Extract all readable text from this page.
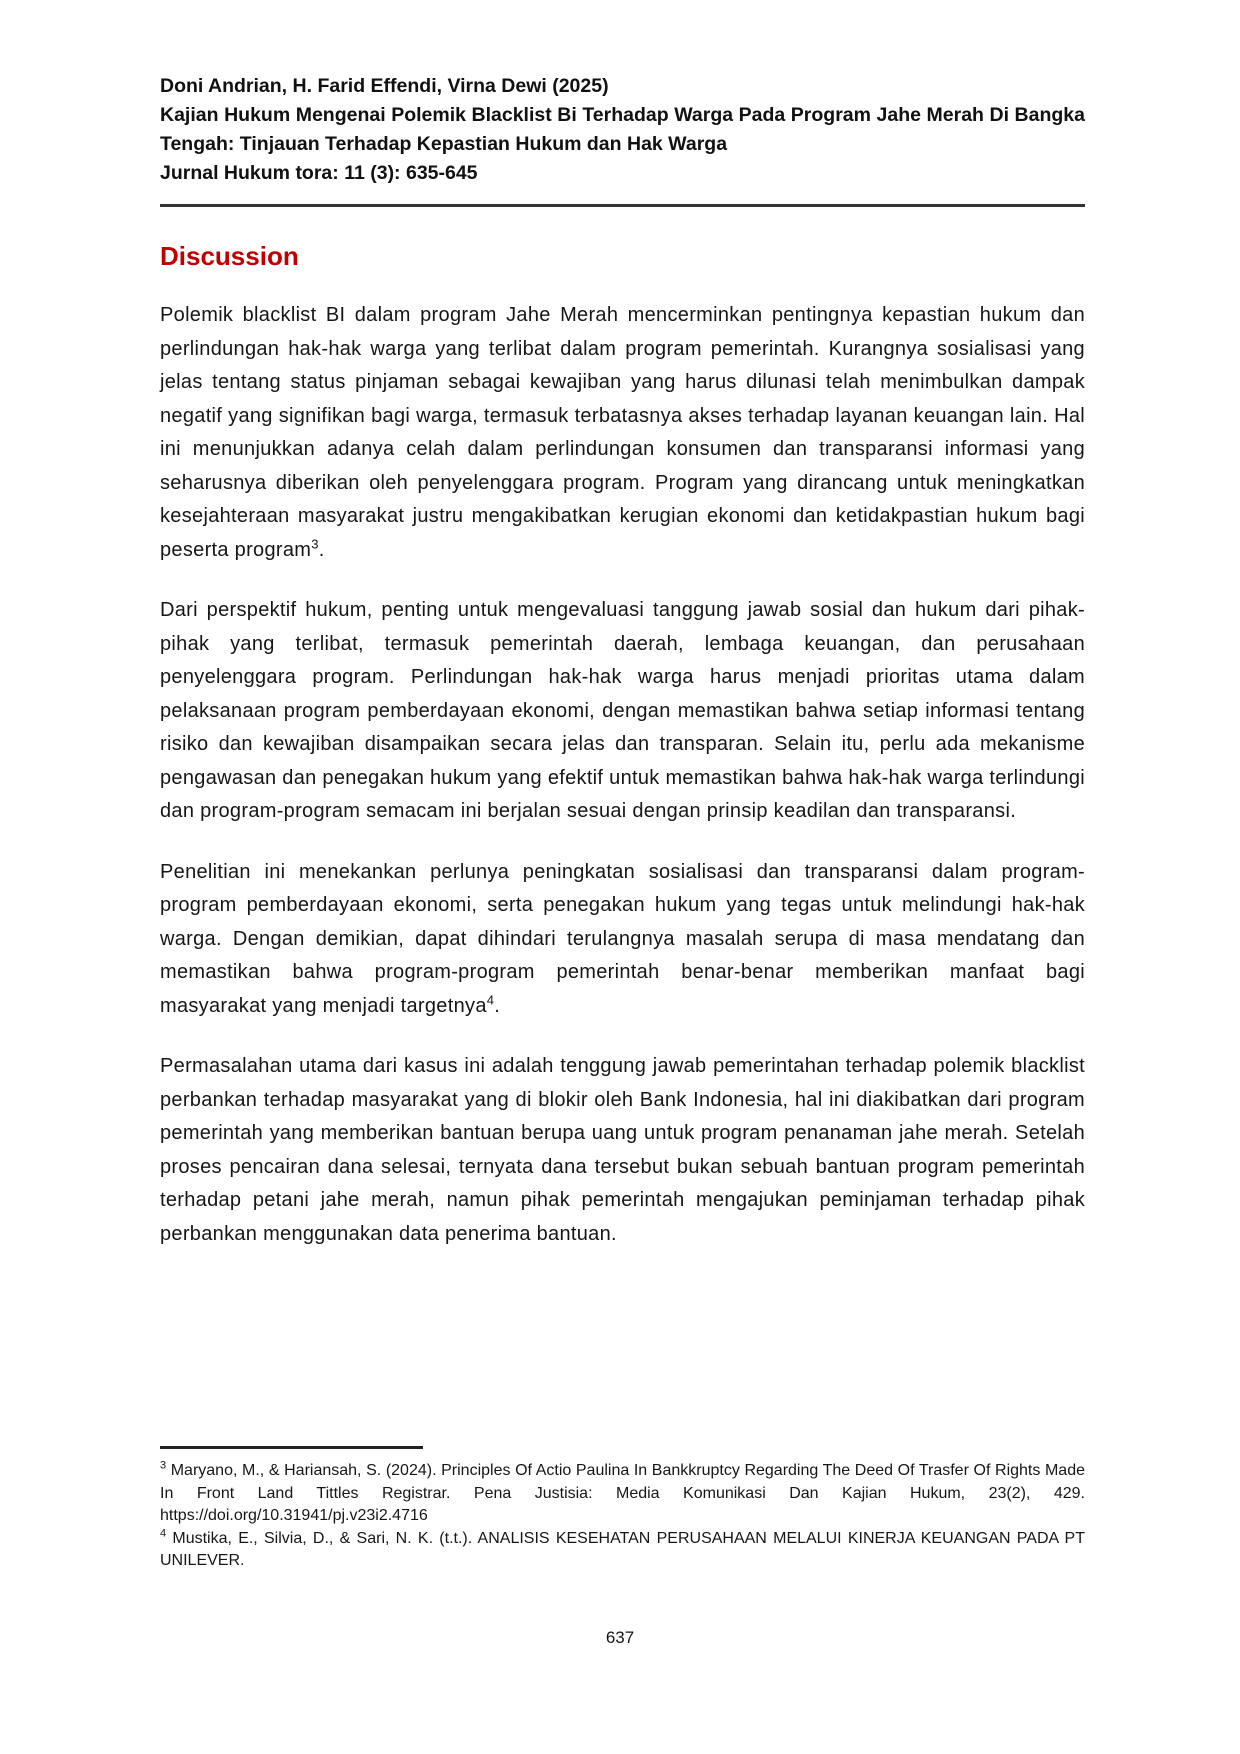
Doni Andrian, H. Farid Effendi, Virna Dewi (2025)
Kajian Hukum Mengenai Polemik Blacklist Bi Terhadap Warga Pada Program Jahe Merah Di Bangka Tengah: Tinjauan Terhadap Kepastian Hukum dan Hak Warga
Jurnal Hukum tora: 11 (3): 635-645
Discussion

Polemik blacklist BI dalam program Jahe Merah mencerminkan pentingnya kepastian hukum dan perlindungan hak-hak warga yang terlibat dalam program pemerintah. Kurangnya sosialisasi yang jelas tentang status pinjaman sebagai kewajiban yang harus dilunasi telah menimbulkan dampak negatif yang signifikan bagi warga, termasuk terbatasnya akses terhadap layanan keuangan lain. Hal ini menunjukkan adanya celah dalam perlindungan konsumen dan transparansi informasi yang seharusnya diberikan oleh penyelenggara program. Program yang dirancang untuk meningkatkan kesejahteraan masyarakat justru mengakibatkan kerugian ekonomi dan ketidakpastian hukum bagi peserta program$^3$.

Dari perspektif hukum, penting untuk mengevaluasi tanggung jawab sosial dan hukum dari pihak-pihak yang terlibat, termasuk pemerintah daerah, lembaga keuangan, dan perusahaan penyelenggara program. Perlindungan hak-hak warga harus menjadi prioritas utama dalam pelaksanaan program pemberdayaan ekonomi, dengan memastikan bahwa setiap informasi tentang risiko dan kewajiban disampaikan secara jelas dan transparan. Selain itu, perlu ada mekanisme pengawasan dan penegakan hukum yang efektif untuk memastikan bahwa hak-hak warga terlindungi dan program-program semacam ini berjalan sesuai dengan prinsip keadilan dan transparansi.

Penelitian ini menekankan perlunya peningkatan sosialisasi dan transparansi dalam program-program pemberdayaan ekonomi, serta penegakan hukum yang tegas untuk melindungi hak-hak warga. Dengan demikian, dapat dihindari terulangnya masalah serupa di masa mendatang dan memastikan bahwa program-program pemerintah benar-benar memberikan manfaat bagi masyarakat yang menjadi targetnya$^4$.

Permasalahan utama dari kasus ini adalah tenggung jawab pemerintahan terhadap polemik blacklist perbankan terhadap masyarakat yang di blokir oleh Bank Indonesia, hal ini diakibatkan dari program pemerintah yang memberikan bantuan berupa uang untuk program penanaman jahe merah. Setelah proses pencairan dana selesai, ternyata dana tersebut bukan sebuah bantuan program pemerintah terhadap petani jahe merah, namun pihak pemerintah mengajukan peminjaman terhadap pihak perbankan menggunakan data penerima bantuan.

$^3$ Maryano, M., & Hariansah, S. (2024). Principles Of Actio Paulina In Bankkruptcy Regarding The Deed Of Trasfer Of Rights Made In Front Land Tittles Registrar. Pena Justisia: Media Komunikasi Dan Kajian Hukum, 23(2), 429. https://doi.org/10.31941/pj.v23i2.4716

$^4$ Mustika, E., Silvia, D., & Sari, N. K. (t.t.). ANALISIS KESEHATAN PERUSAHAAN MELALUI KINERJA KEUANGAN PADA PT UNILEVER.

637
